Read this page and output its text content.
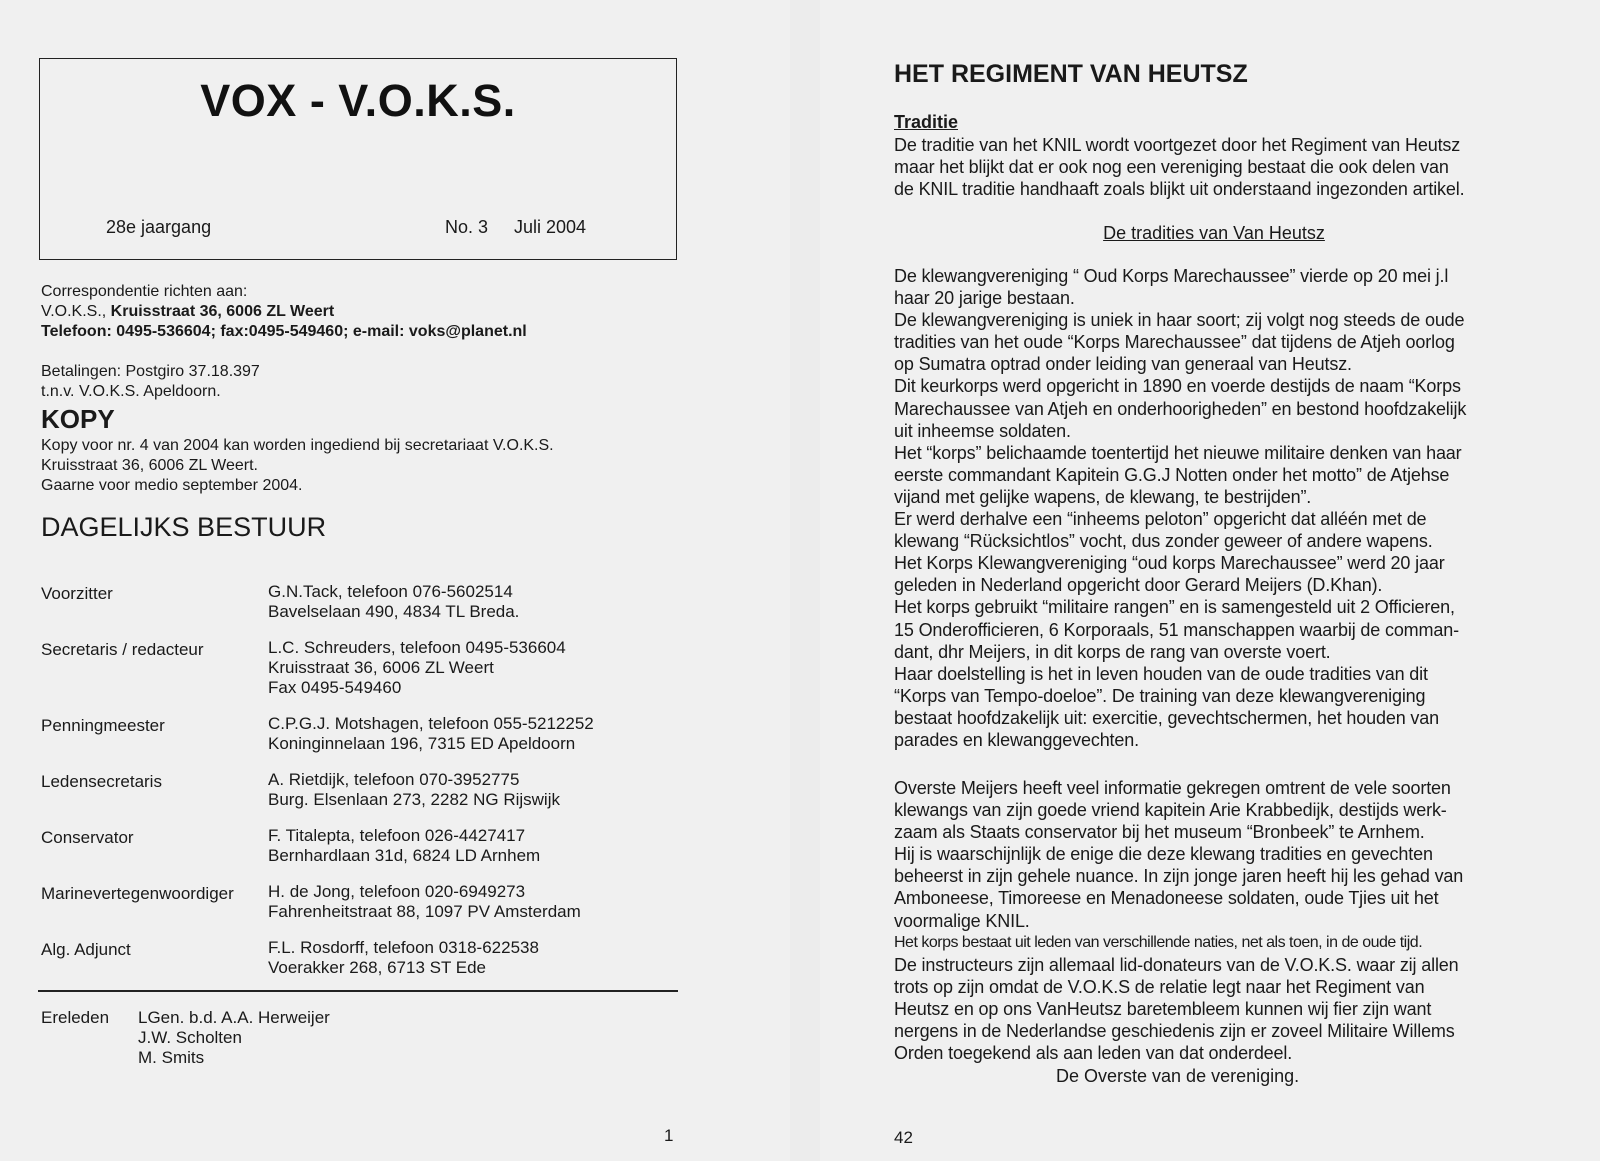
VOX - V.O.K.S.
28e jaargang	No. 3 Juli 2004
Correspondentie richten aan:
V.O.K.S., Kruisstraat 36, 6006 ZL Weert
Telefoon: 0495-536604; fax:0495-549460; e-mail: voks@planet.nl
Betalingen: Postgiro 37.18.397
t.n.v. V.O.K.S. Apeldoorn.
KOPY
Kopy voor nr. 4 van 2004 kan worden ingediend bij secretariaat V.O.K.S.
Kruisstraat 36, 6006 ZL Weert.
Gaarne voor medio september 2004.
DAGELIJKS BESTUUR
Voorzitter	G.N.Tack, telefoon 076-5602514
Bavelselaan 490, 4834 TL Breda.
Secretaris / redacteur	L.C. Schreuders, telefoon 0495-536604
Kruisstraat 36, 6006 ZL Weert
Fax 0495-549460
Penningmeester	C.P.G.J. Motshagen, telefoon 055-5212252
Koninginnelaan 196, 7315 ED Apeldoorn
Ledensecretaris	A. Rietdijk, telefoon 070-3952775
Burg. Elsenlaan 273, 2282 NG Rijswijk
Conservator	F. Titalepta, telefoon 026-4427417
Bernhardlaan 31d, 6824 LD Arnhem
Marinevertegenwoordiger H. de Jong, telefoon 020-6949273
Fahrenheitstraat 88, 1097 PV Amsterdam
Alg. Adjunct	F.L. Rosdorff, telefoon 0318-622538
Voerakker 268, 6713 ST Ede
Ereleden LGen. b.d. A.A. Herweijer
J.W. Scholten
M. Smits
1
HET REGIMENT VAN HEUTSZ
Traditie
De traditie van het KNIL wordt voortgezet door het Regiment van Heutsz
maar het blijkt dat er ook nog een vereniging bestaat die ook delen van
de KNIL traditie handhaaft zoals blijkt uit onderstaand ingezonden artikel.
De tradities van Van Heutsz
De klewangvereniging “ Oud Korps Marechaussee” vierde op 20 mei j.l
haar 20 jarige bestaan.
De klewangvereniging is uniek in haar soort; zij volgt nog steeds de oude
tradities van het oude “Korps Marechaussee” dat tijdens de Atjeh oorlog
op Sumatra optrad onder leiding van generaal van Heutsz.
Dit keurkorps werd opgericht in 1890 en voerde destijds de naam “Korps
Marechaussee van Atjeh en onderhoorigheden” en bestond hoofdzakelijk
uit inheemse soldaten.
Het “korps” belichaamde toentertijd het nieuwe militaire denken van haar
eerste commandant Kapitein G.G.J Notten onder het motto” de Atjehse
vijand met gelijke wapens, de klewang, te bestrijden”.
Er werd derhalve een “inheems peloton” opgericht dat alléén met de
klewang “Rücksichtlos” vocht, dus zonder geweer of andere wapens.
Het Korps Klewangvereniging “oud korps Marechaussee” werd 20 jaar
geleden in Nederland opgericht door Gerard Meijers (D.Khan).
Het korps gebruikt “militaire rangen” en is samengesteld uit 2 Officieren,
15 Onderofficieren, 6 Korporaals, 51 manschappen waarbij de comman-
dant, dhr Meijers, in dit korps de rang van overste voert.
Haar doelstelling is het in leven houden van de oude tradities van dit
“Korps van Tempo-doeloe”. De training van deze klewangvereniging
bestaat hoofdzakelijk uit: exercitie, gevechtschermen, het houden van
parades en klewanggevechten.
Overste Meijers heeft veel informatie gekregen omtrent de vele soorten
klewangs van zijn goede vriend kapitein Arie Krabbedijk, destijds werk-
zaam als Staats conservator bij het museum “Bronbeek” te Arnhem.
Hij is waarschijnlijk de enige die deze klewang tradities en gevechten
beheerst in zijn gehele nuance. In zijn jonge jaren heeft hij les gehad van
Amboneese, Timoreese en Menadoneese soldaten, oude Tjies uit het
voormalige KNIL.
Het korps bestaat uit leden van verschillende naties, net als toen, in de oude tijd.
De instructeurs zijn allemaal lid-donateurs van de V.O.K.S. waar zij allen
trots op zijn omdat de V.O.K.S de relatie legt naar het Regiment van
Heutsz en op ons VanHeutsz baretembleem kunnen wij fier zijn want
nergens in de Nederlandse geschiedenis zijn er zoveel Militaire Willems
Orden toegekend als aan leden van dat onderdeel.
De Overste van de vereniging.
42
